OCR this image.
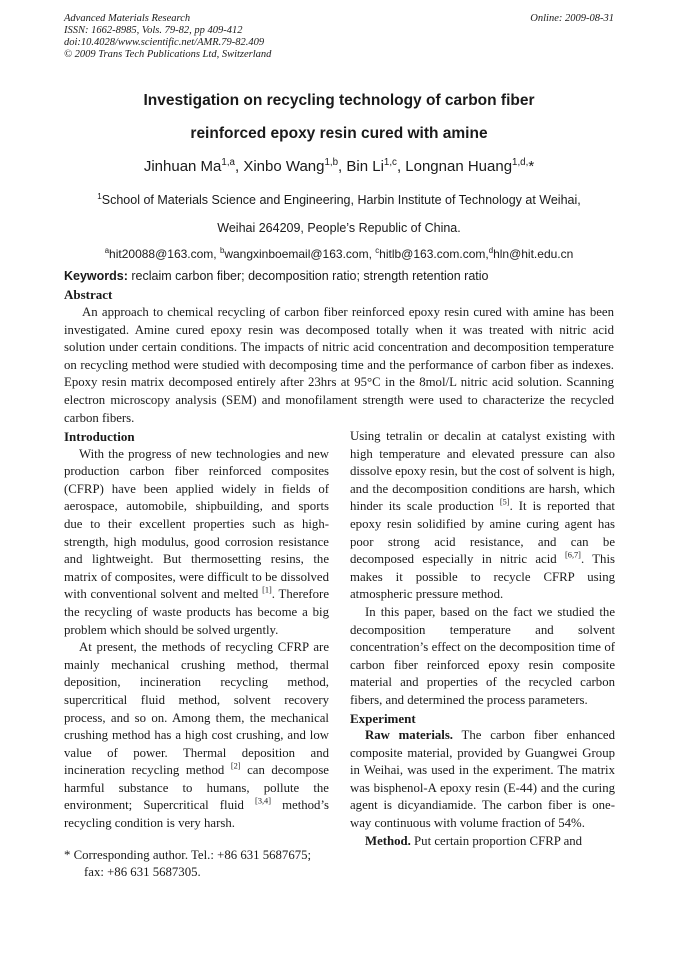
Advanced Materials Research
ISSN: 1662-8985, Vols. 79-82, pp 409-412
doi:10.4028/www.scientific.net/AMR.79-82.409
© 2009 Trans Tech Publications Ltd, Switzerland
Online: 2009-08-31
Investigation on recycling technology of carbon fiber
reinforced epoxy resin cured with amine
Jinhuan Ma$^{1,a}$, Xinbo Wang$^{1,b}$, Bin Li$^{1,c}$, Longnan Huang$^{1,d,}$*
$^1$School of Materials Science and Engineering, Harbin Institute of Technology at Weihai,
Weihai 264209, People’s Republic of China.
$^a$hit20088@163.com, $^b$wangxinboemail@163.com, $^c$hitlb@163.com.com,$^d$hln@hit.edu.cn
Keywords: reclaim carbon fiber; decomposition ratio; strength retention ratio
Abstract

An approach to chemical recycling of carbon fiber reinforced epoxy resin cured with amine has been investigated. Amine cured epoxy resin was decomposed totally when it was treated with nitric acid solution under certain conditions. The impacts of nitric acid concentration and decomposition temperature on recycling method were studied with decomposing time and the performance of carbon fiber as indexes. Epoxy resin matrix decomposed entirely after 23hrs at 95°C in the 8mol/L nitric acid solution. Scanning electron microscopy analysis (SEM) and monofilament strength were used to characterize the recycled carbon fibers.

Introduction

With the progress of new technologies and new production carbon fiber reinforced composites (CFRP) have been applied widely in fields of aerospace, automobile, shipbuilding, and sports due to their excellent properties such as high-strength, high modulus, good corrosion resistance and lightweight. But thermosetting resins, the matrix of composites, were difficult to be dissolved with conventional solvent and melted [1]. Therefore the recycling of waste products has become a big problem which should be solved urgently.

At present, the methods of recycling CFRP are mainly mechanical crushing method, thermal deposition, incineration recycling method, supercritical fluid method, solvent recovery process, and so on. Among them, the mechanical crushing method has a high cost crushing, and low value of power. Thermal deposition and incineration recycling method [2] can decompose harmful substance to humans, pollute the environment; Supercritical fluid [3,4] method’s recycling condition is very harsh.

* Corresponding author. Tel.: +86 631 5687675;
fax: +86 631 5687305.

Using tetralin or decalin at catalyst existing with high temperature and elevated pressure can also dissolve epoxy resin, but the cost of solvent is high, and the decomposition conditions are harsh, which hinder its scale production [5]. It is reported that epoxy resin solidified by amine curing agent has poor strong acid resistance, and can be decomposed especially in nitric acid [6,7]. This makes it possible to recycle CFRP using atmospheric pressure method.

In this paper, based on the fact we studied the decomposition temperature and solvent concentration’s effect on the decomposition time of carbon fiber reinforced epoxy resin composite material and properties of the recycled carbon fibers, and determined the process parameters.

Experiment

Raw materials. The carbon fiber enhanced composite material, provided by Guangwei Group in Weihai, was used in the experiment. The matrix was bisphenol-A epoxy resin (E-44) and the curing agent is dicyandiamide. The carbon fiber is one-way continuous with volume fraction of 54%.

Method. Put certain proportion CFRP and
